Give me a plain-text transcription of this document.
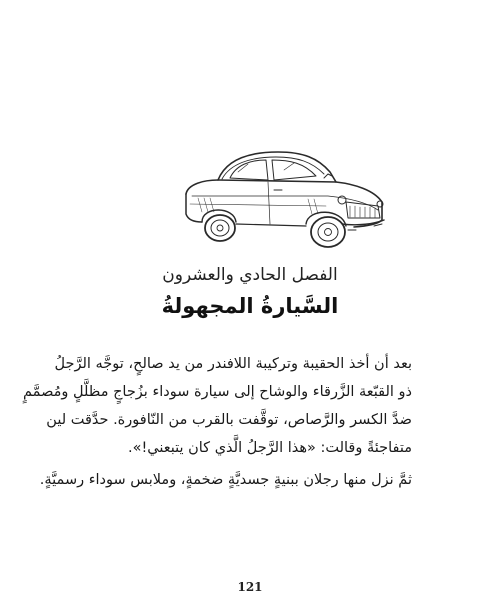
الفصل الحادي والعشرون
السَّيارةُ المجهولةُ
بعد أن أخذ الحقيبة وتركيبة اللافندر من يد صالحٍ، توجَّه الرَّجلُ
ذو القبّعة الزَّرقاء والوشاح إلى سيارة سوداء بزُجاجٍ مظلَّلٍ ومُصمَّمٍ
ضدَّ الكسر والرَّصاص، توقَّفت بالقرب من النّافورة. حدَّقت لين
متفاجئةً وقالت: «هذا الرَّجلُ الَّذي كان يتبعني!».
ثمَّ نزل منها رجلان ببنيةٍ جسديَّةٍ ضخمةٍ، وملابس سوداء رسميَّةٍ.
121
